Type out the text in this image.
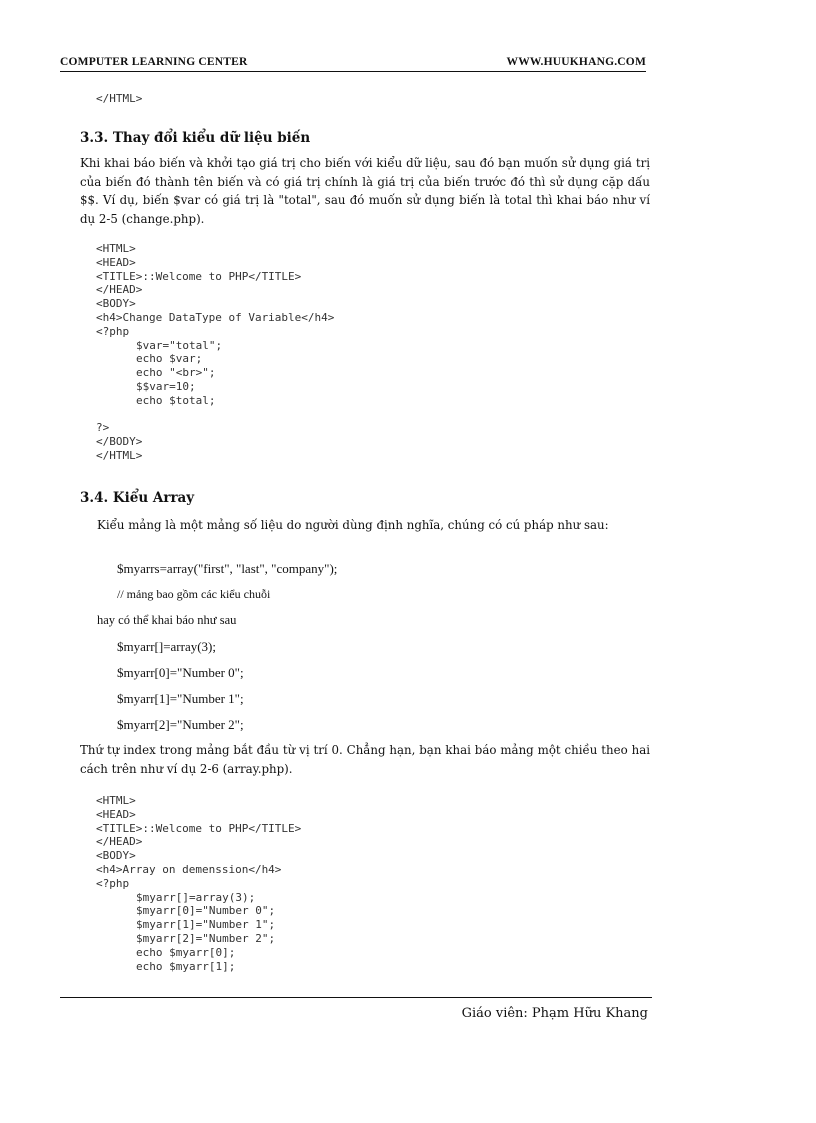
COMPUTER LEARNING CENTER	WWW.HUUKHANG.COM
</HTML>
3.3. Thay đổi kiểu dữ liệu biến

Khi khai báo biến và khởi tạo giá trị cho biến với kiểu dữ liệu, sau đó bạn muốn sử dụng giá trị của biến đó thành tên biến và có giá trị chính là giá trị của biến trước đó thì sử dụng cặp dấu $$. Ví dụ, biến $var có giá trị là "total", sau đó muốn sử dụng biến là total thì khai báo như ví dụ 2-5 (change.php).

<HTML>
<HEAD>
<TITLE>::Welcome to PHP</TITLE>
</HEAD>
<BODY>
<h4>Change DataType of Variable</h4>
<?php
$var="total";
echo $var;
echo "<br>";
$$var=10;
echo $total;
?>
</BODY>
</HTML>
3.4. Kiểu Array

Kiểu mảng là một mảng số liệu do người dùng định nghĩa, chúng có cú pháp như sau:

$myarrs=array("first", "last", "company");

// mảng bao gồm các kiểu chuỗi

hay có thể khai báo như sau

$myarr[]=array(3);

$myarr[0]="Number 0";

$myarr[1]="Number 1";

$myarr[2]="Number 2";

Thứ tự index trong mảng bắt đầu từ vị trí 0. Chẳng hạn, bạn khai báo mảng một chiều theo hai cách trên như ví dụ 2-6 (array.php).

<HTML>
<HEAD>
<TITLE>::Welcome to PHP</TITLE>
</HEAD>
<BODY>
<h4>Array on demenssion</h4>
<?php
$myarr[]=array(3);
$myarr[0]="Number 0";
$myarr[1]="Number 1";
$myarr[2]="Number 2";
echo $myarr[0];
echo $myarr[1];
Giáo viên: Phạm Hữu Khang
